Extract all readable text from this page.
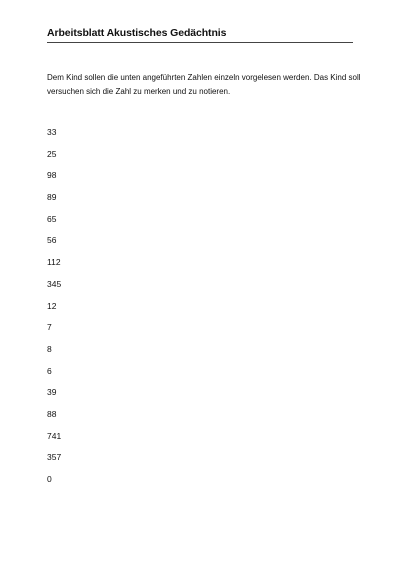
Arbeitsblatt Akustisches Gedächtnis
Dem Kind sollen die unten angeführten Zahlen einzeln vorgelesen werden. Das Kind soll versuchen sich die Zahl zu merken und zu notieren.
33
25
98
89
65
56
112
345
12
7
8
6
39
88
741
357
0
